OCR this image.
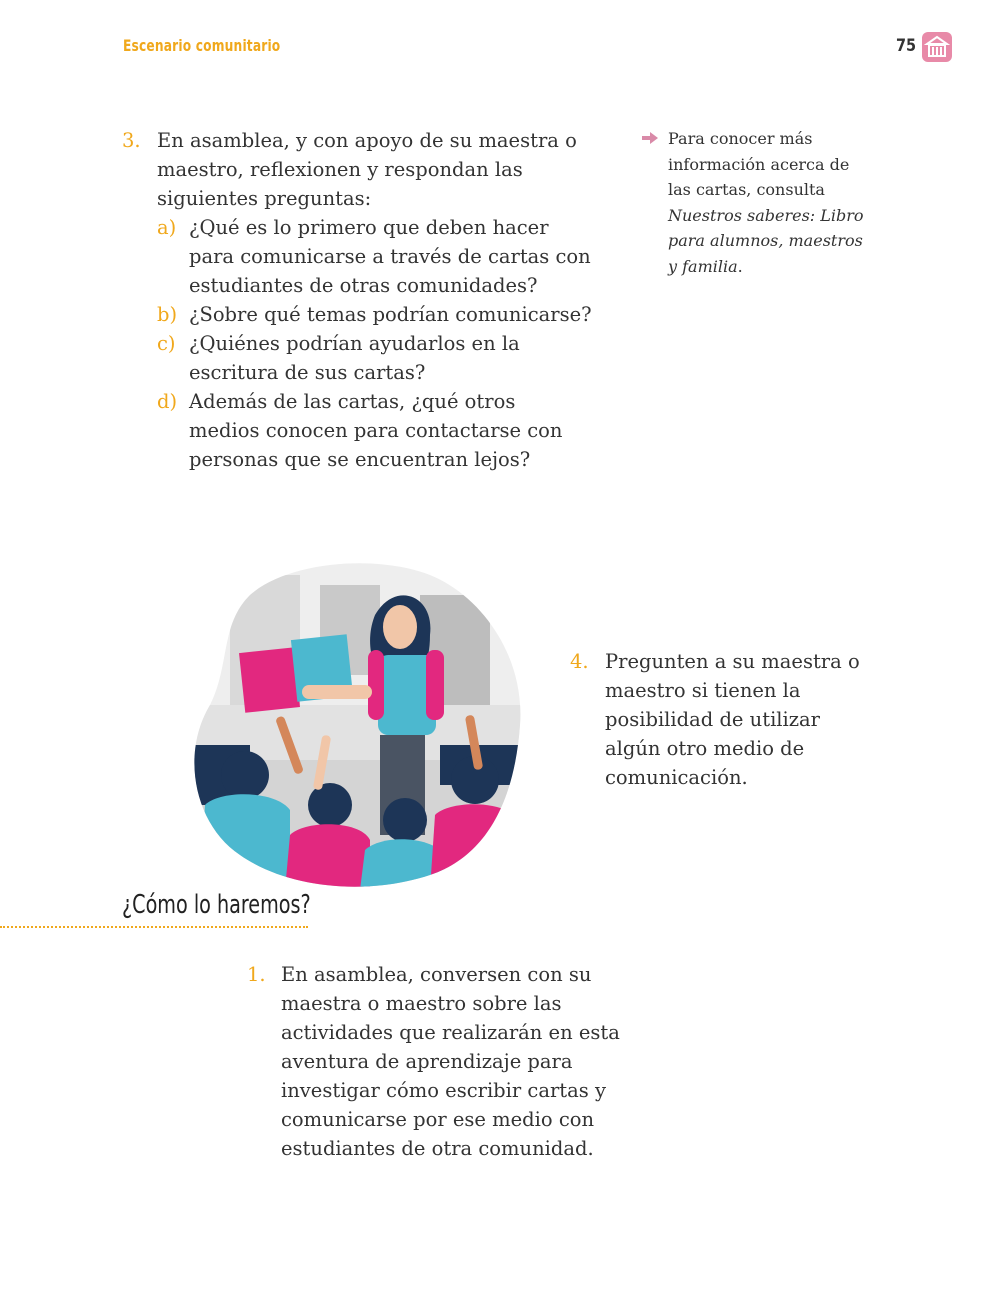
Escenario comunitario	75
3. En asamblea, y con apoyo de su maestra o maestro, reflexionen y respondan las siguientes preguntas:
a) ¿Qué es lo primero que deben hacer para comunicarse a través de cartas con estudiantes de otras comunidades?
b) ¿Sobre qué temas podrían comunicarse?
c) ¿Quiénes podrían ayudarlos en la escritura de sus cartas?
d) Además de las cartas, ¿qué otros medios conocen para contactarse con personas que se encuentran lejos?
Para conocer más información acerca de las cartas, consulta Nuestros saberes: Libro para alumnos, maestros y familia.
4. Pregunten a su maestra o maestro si tienen la posibilidad de utilizar algún otro medio de comunicación.
¿Cómo lo haremos?
1. En asamblea, conversen con su maestra o maestro sobre las actividades que realizarán en esta aventura de aprendizaje para investigar cómo escribir cartas y comunicarse por ese medio con estudiantes de otra comunidad.
